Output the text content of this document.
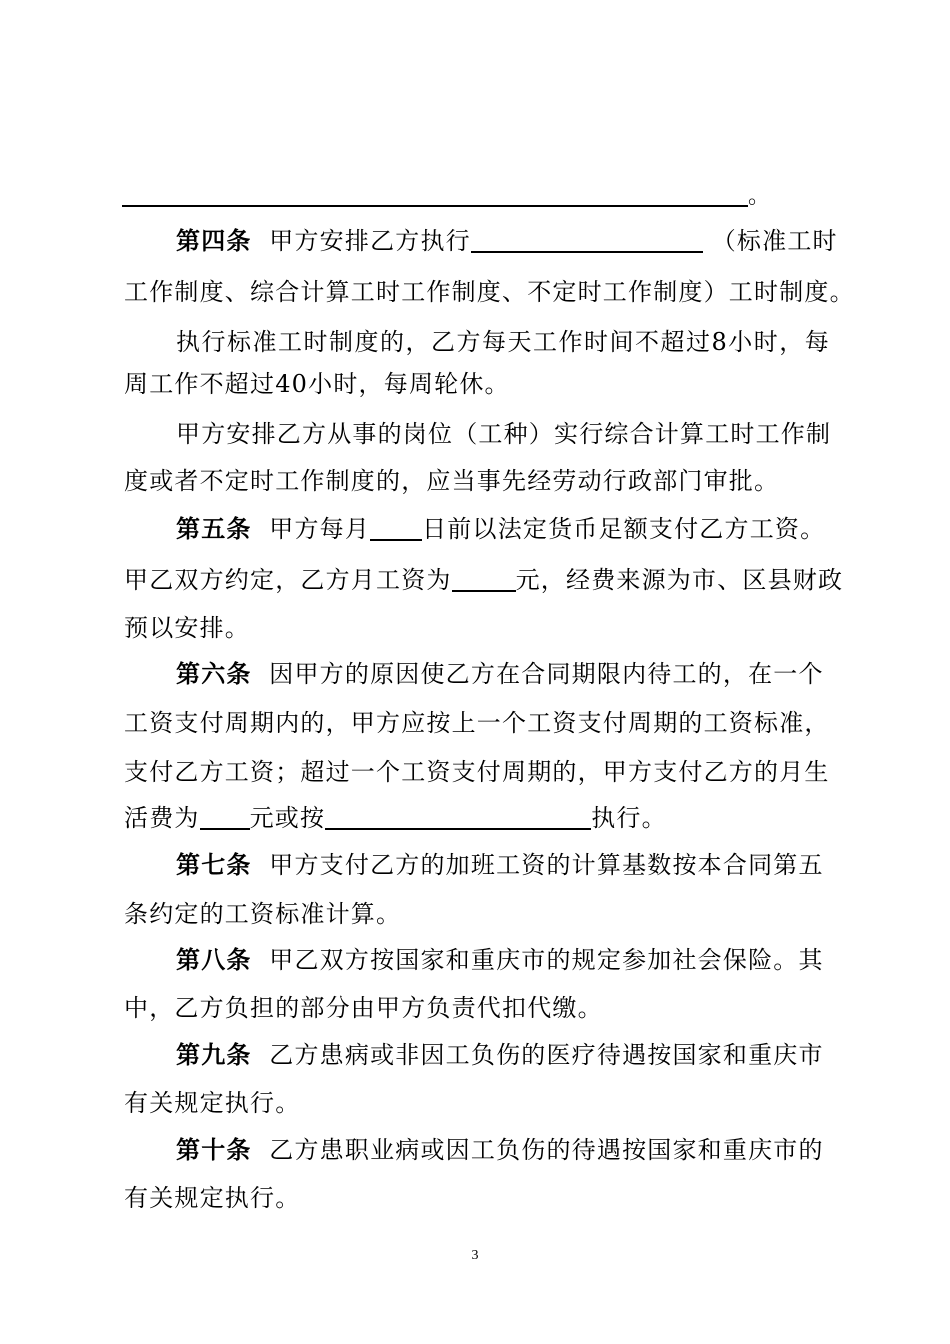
。
第四条 甲方安排乙方执行	（标准工时
工作制度、综合计算工时工作制度、不定时工作制度）工时制度。
执行标准工时制度的，乙方每天工作时间不超过8小时，每
周工作不超过40小时，每周轮休。
甲方安排乙方从事的岗位（工种）实行综合计算工时工作制
度或者不定时工作制度的，应当事先经劳动行政部门审批。
第五条 甲方每月 日前以法定货币足额支付乙方工资。
甲乙双方约定，乙方月工资为	元，经费来源为市、区县财政
预以安排。
第六条 因甲方的原因使乙方在合同期限内待工的，在一个
工资支付周期内的，甲方应按上一个工资支付周期的工资标准，
支付乙方工资；超过一个工资支付周期的，甲方支付乙方的月生
活费为 元或按	执行。
第七条 甲方支付乙方的加班工资的计算基数按本合同第五
条约定的工资标准计算。
第八条 甲乙双方按国家和重庆市的规定参加社会保险。其
中，乙方负担的部分由甲方负责代扣代缴。
第九条 乙方患病或非因工负伤的医疗待遇按国家和重庆市
有关规定执行。
第十条 乙方患职业病或因工负伤的待遇按国家和重庆市的
有关规定执行。
3
